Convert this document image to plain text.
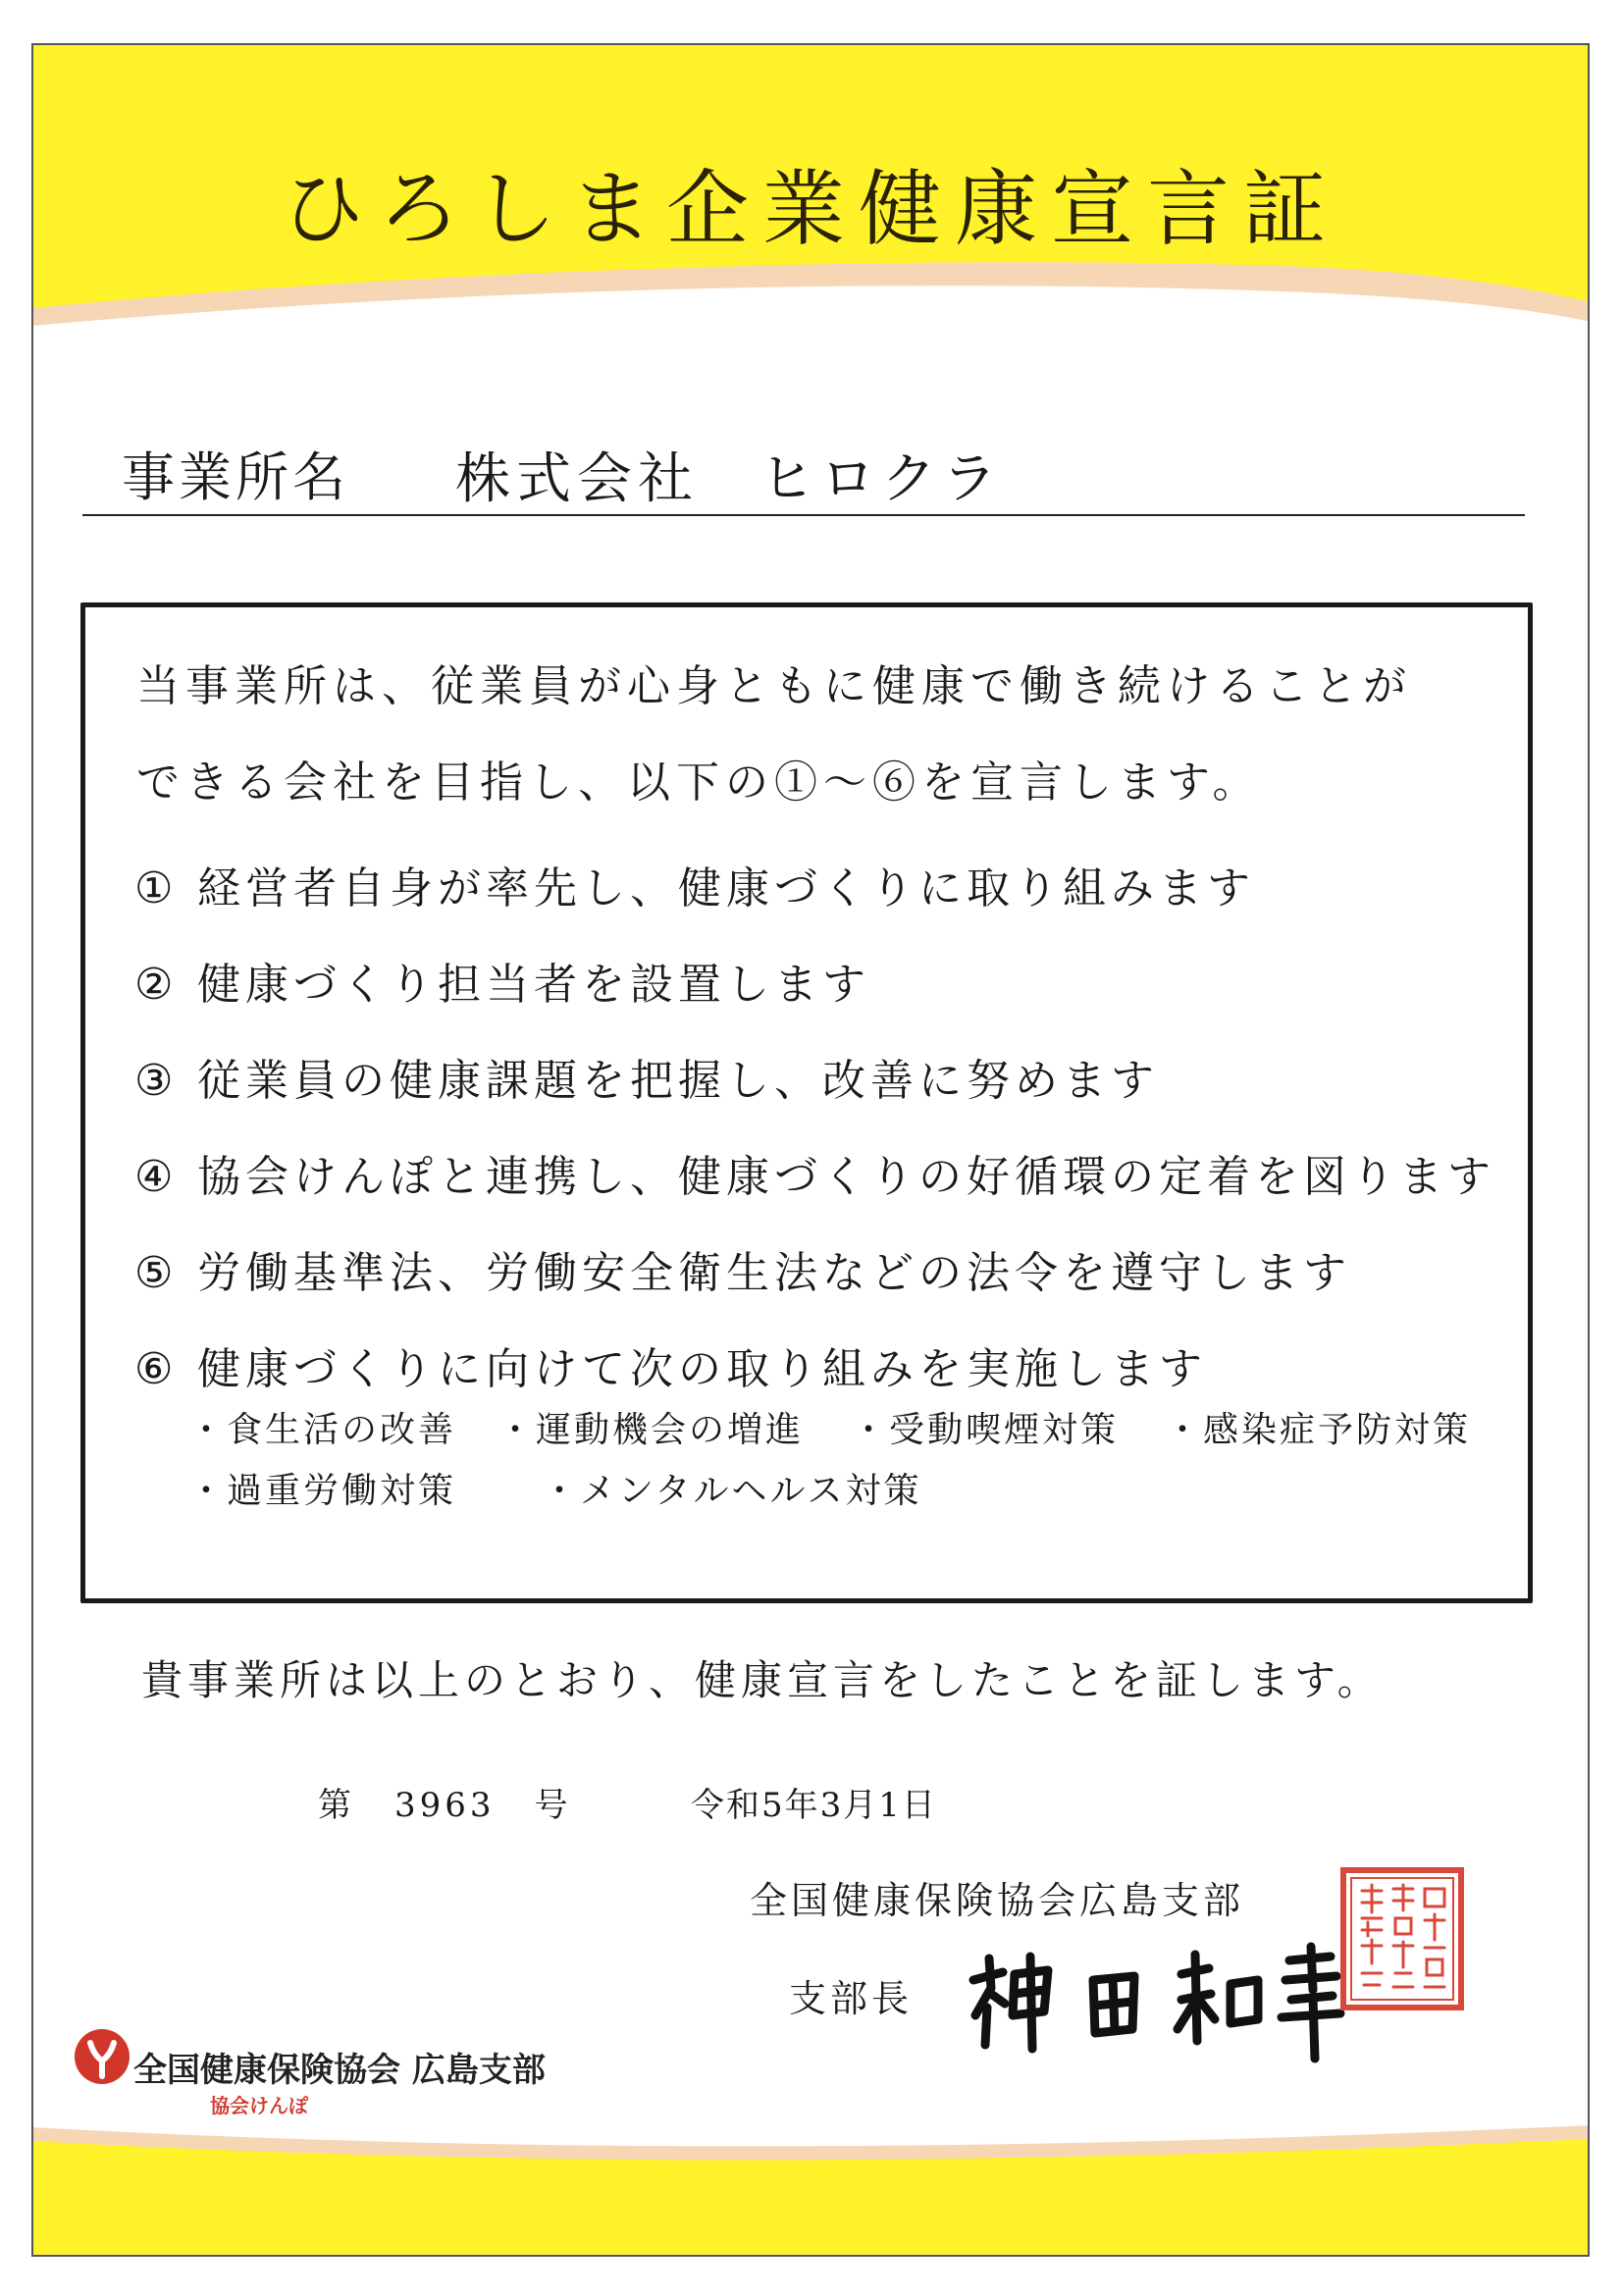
ひろしま企業健康宣言証
事業所名 株式会社　ヒロクラ
当事業所は、従業員が心身ともに健康で働き続けることが
できる会社を目指し、以下の①～⑥を宣言します。
① 経営者自身が率先し、健康づくりに取り組みます
② 健康づくり担当者を設置します
③ 従業員の健康課題を把握し、改善に努めます
④ 協会けんぽと連携し、健康づくりの好循環の定着を図ります
⑤ 労働基準法、労働安全衛生法などの法令を遵守します
⑥ 健康づくりに向けて次の取り組みを実施します
・食生活の改善 ・運動機会の増進 ・受動喫煙対策 ・感染症予防対策
・過重労働対策 ・メンタルヘルス対策
貴事業所は以上のとおり、健康宣言をしたことを証します。
第 3963 号	令和5年3月1日
全国健康保険協会広島支部
支部長
全国健康保険協会 広島支部
協会けんぽ
